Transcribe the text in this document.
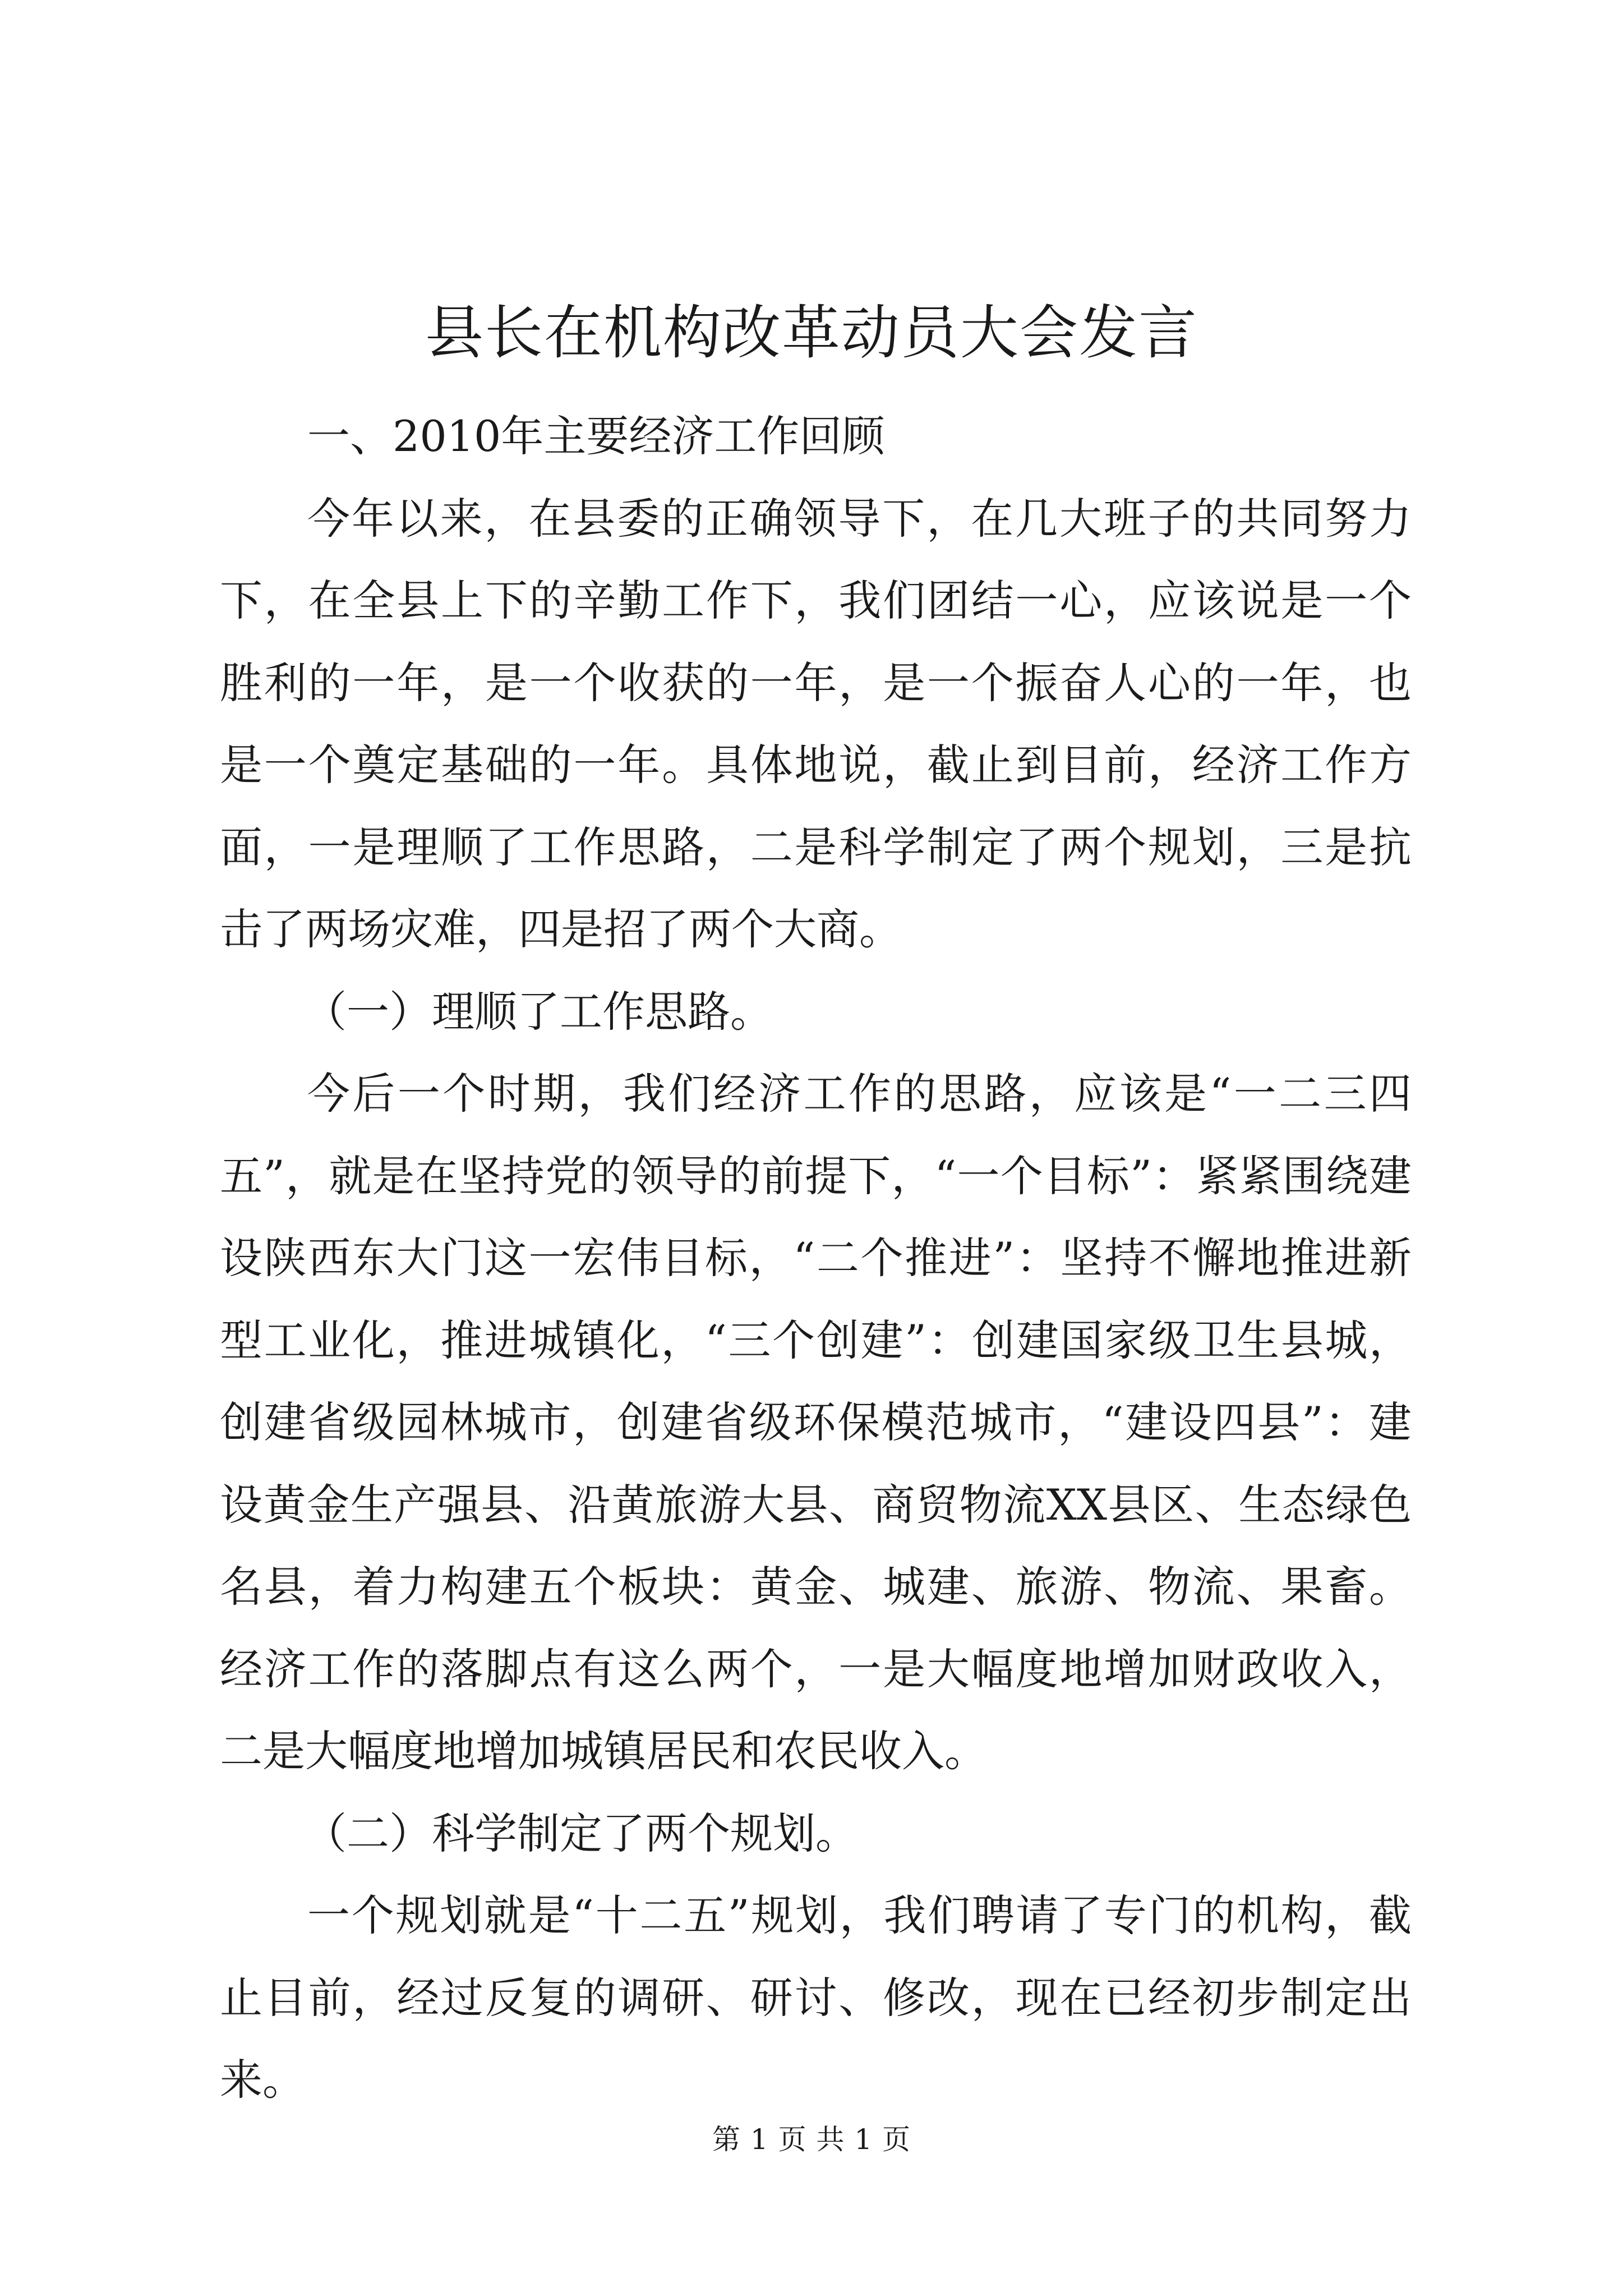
县长在机构改革动员大会发言

一、2010年主要经济工作回顾

今年以来，在县委的正确领导下，在几大班子的共同努力下，在全县上下的辛勤工作下，我们团结一心，应该说是一个胜利的一年，是一个收获的一年，是一个振奋人心的一年，也是一个奠定基础的一年。具体地说，截止到目前，经济工作方面，一是理顺了工作思路，二是科学制定了两个规划，三是抗击了两场灾难，四是招了两个大商。

（一）理顺了工作思路。

今后一个时期，我们经济工作的思路，应该是“一二三四五”，就是在坚持党的领导的前提下，“一个目标”：紧紧围绕建设陕西东大门这一宏伟目标，“二个推进”：坚持不懈地推进新型工业化，推进城镇化，“三个创建”：创建国家级卫生县城，创建省级园林城市，创建省级环保模范城市，“建设四县”：建设黄金生产强县、沿黄旅游大县、商贸物流XX县区、生态绿色名县，着力构建五个板块：黄金、城建、旅游、物流、果畜。经济工作的落脚点有这么两个，一是大幅度地增加财政收入，二是大幅度地增加城镇居民和农民收入。

（二）科学制定了两个规划。

一个规划就是“十二五”规划，我们聘请了专门的机构，截止目前，经过反复的调研、研讨、修改，现在已经初步制定出来。

第 1 页 共 1 页
